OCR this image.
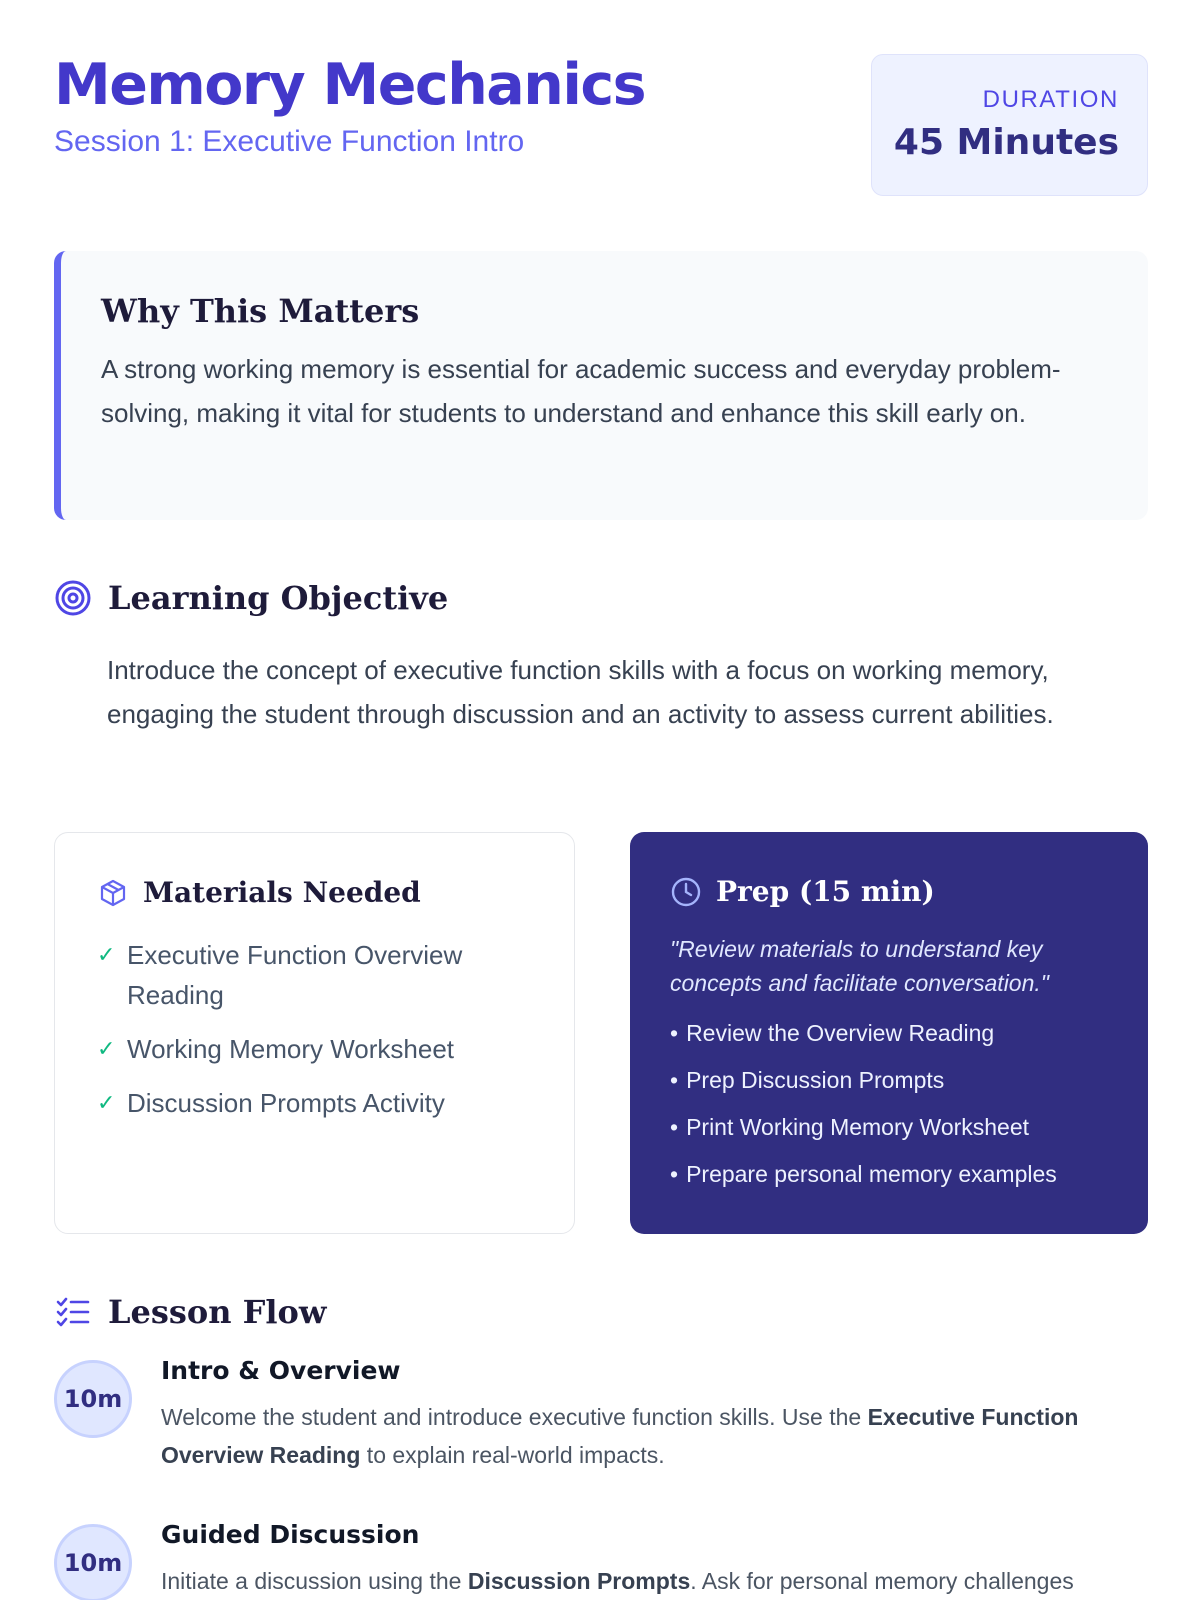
Memory Mechanics
Session 1: Executive Function Intro
DURATION
45 Minutes
Why This Matters
A strong working memory is essential for academic success and everyday problem-solving, making it vital for students to understand and enhance this skill early on.
Learning Objective
Introduce the concept of executive function skills with a focus on working memory, engaging the student through discussion and an activity to assess current abilities.
Materials Needed
✓ Executive Function Overview Reading
✓ Working Memory Worksheet
✓ Discussion Prompts Activity
Prep (15 min)
"Review materials to understand key concepts and facilitate conversation."
• Review the Overview Reading
• Prep Discussion Prompts
• Print Working Memory Worksheet
• Prepare personal memory examples
Lesson Flow
10m
Intro & Overview
Welcome the student and introduce executive function skills. Use the Executive Function Overview Reading to explain real-world impacts.
10m
Guided Discussion
Initiate a discussion using the Discussion Prompts. Ask for personal memory challenges
